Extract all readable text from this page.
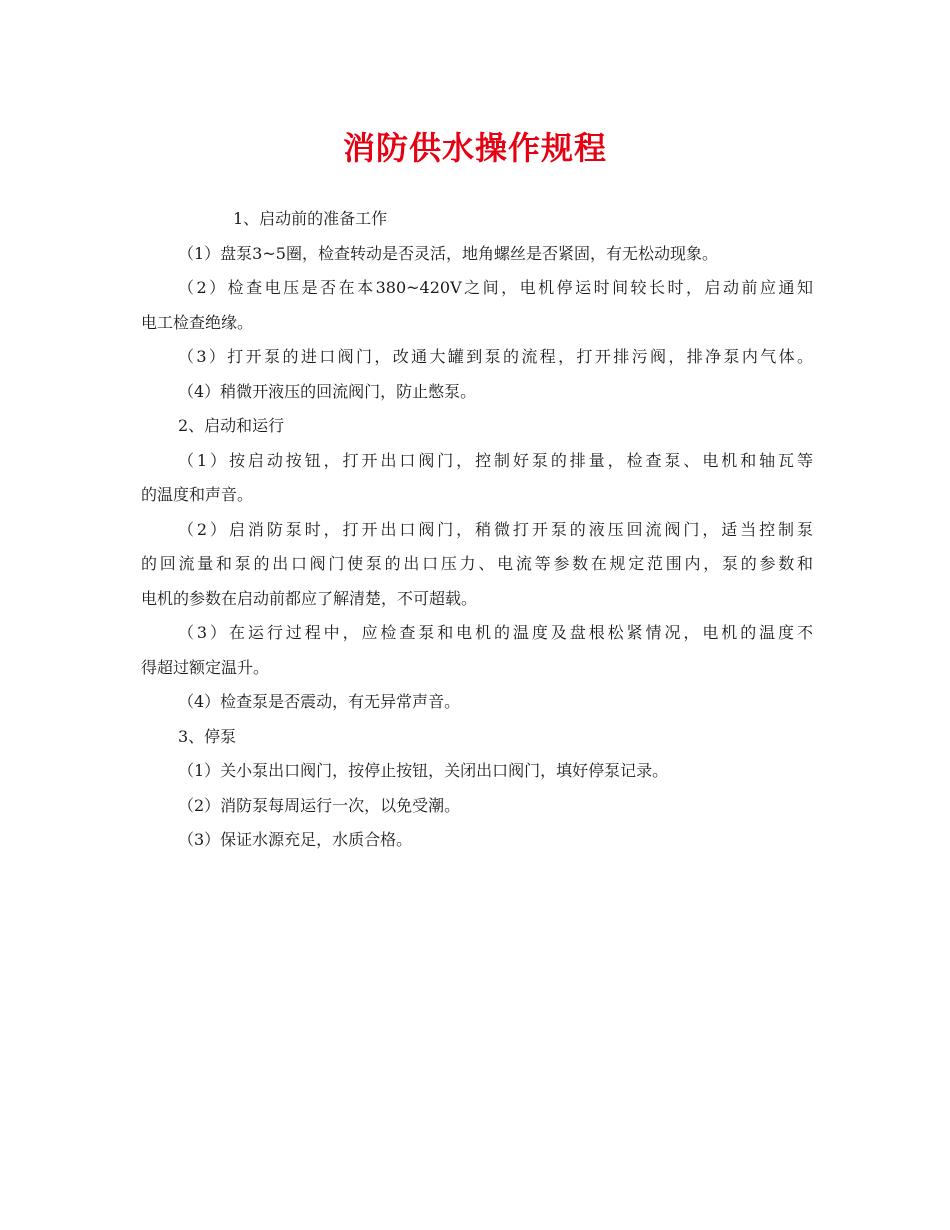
消防供水操作规程
1、启动前的准备工作
（1）盘泵3~5圈，检查转动是否灵活，地角螺丝是否紧固，有无松动现象。
（2）检查电压是否在本380~420V之间，电机停运时间较长时，启动前应通知
电工检查绝缘。
（3）打开泵的进口阀门，改通大罐到泵的流程，打开排污阀，排净泵内气体。
（4）稍微开液压的回流阀门，防止憋泵。
2、启动和运行
（1）按启动按钮，打开出口阀门，控制好泵的排量，检查泵、电机和轴瓦等
的温度和声音。
（2）启消防泵时，打开出口阀门，稍微打开泵的液压回流阀门，适当控制泵
的回流量和泵的出口阀门使泵的出口压力、电流等参数在规定范围内，泵的参数和
电机的参数在启动前都应了解清楚，不可超载。
（3）在运行过程中，应检查泵和电机的温度及盘根松紧情况，电机的温度不
得超过额定温升。
（4）检查泵是否震动，有无异常声音。
3、停泵
（1）关小泵出口阀门，按停止按钮，关闭出口阀门，填好停泵记录。
（2）消防泵每周运行一次，以免受潮。
（3）保证水源充足，水质合格。
